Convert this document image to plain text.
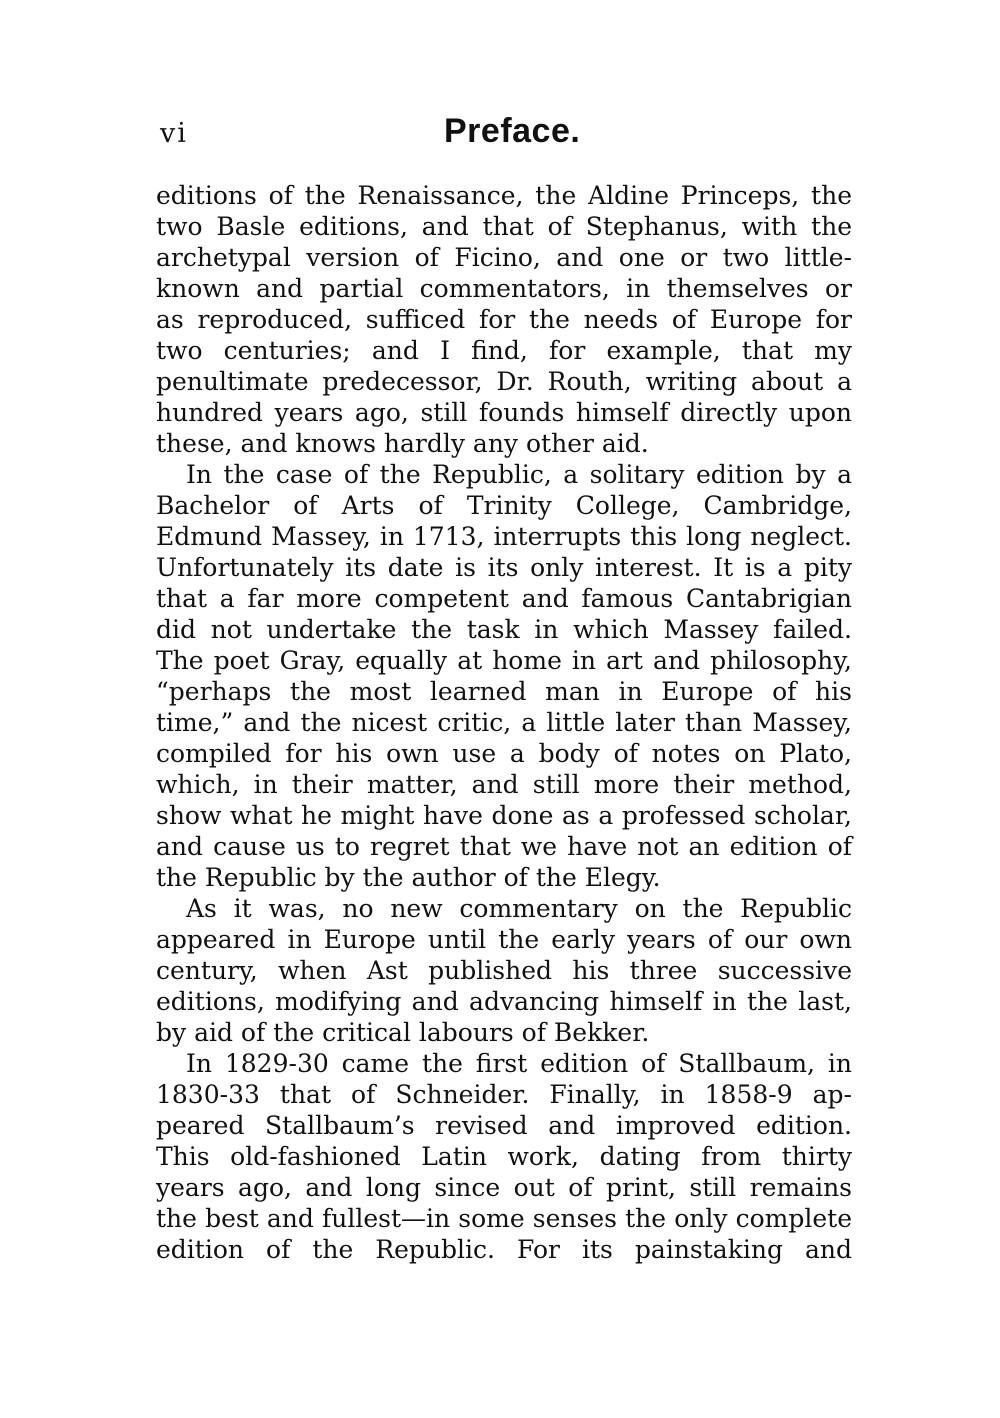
vi	Preface.
editions of the Renaissance, the Aldine Princeps, the
two Basle editions, and that of Stephanus, with the
archetypal version of Ficino, and one or two little-
known and partial commentators, in themselves or
as reproduced, sufficed for the needs of Europe for
two centuries; and I find, for example, that my
penultimate predecessor, Dr. Routh, writing about a
hundred years ago, still founds himself directly upon
these, and knows hardly any other aid.
In the case of the Republic, a solitary edition by a
Bachelor of Arts of Trinity College, Cambridge,
Edmund Massey, in 1713, interrupts this long neglect.
Unfortunately its date is its only interest. It is a pity
that a far more competent and famous Cantabrigian
did not undertake the task in which Massey failed.
The poet Gray, equally at home in art and philosophy,
“perhaps the most learned man in Europe of his
time,” and the nicest critic, a little later than Massey,
compiled for his own use a body of notes on Plato,
which, in their matter, and still more their method,
show what he might have done as a professed scholar,
and cause us to regret that we have not an edition of
the Republic by the author of the Elegy.
As it was, no new commentary on the Republic
appeared in Europe until the early years of our own
century, when Ast published his three successive
editions, modifying and advancing himself in the last,
by aid of the critical labours of Bekker.
In 1829-30 came the first edition of Stallbaum, in
1830-33 that of Schneider. Finally, in 1858-9 ap-
peared Stallbaum’s revised and improved edition.
This old-fashioned Latin work, dating from thirty
years ago, and long since out of print, still remains
the best and fullest—in some senses the only complete
edition of the Republic. For its painstaking and
